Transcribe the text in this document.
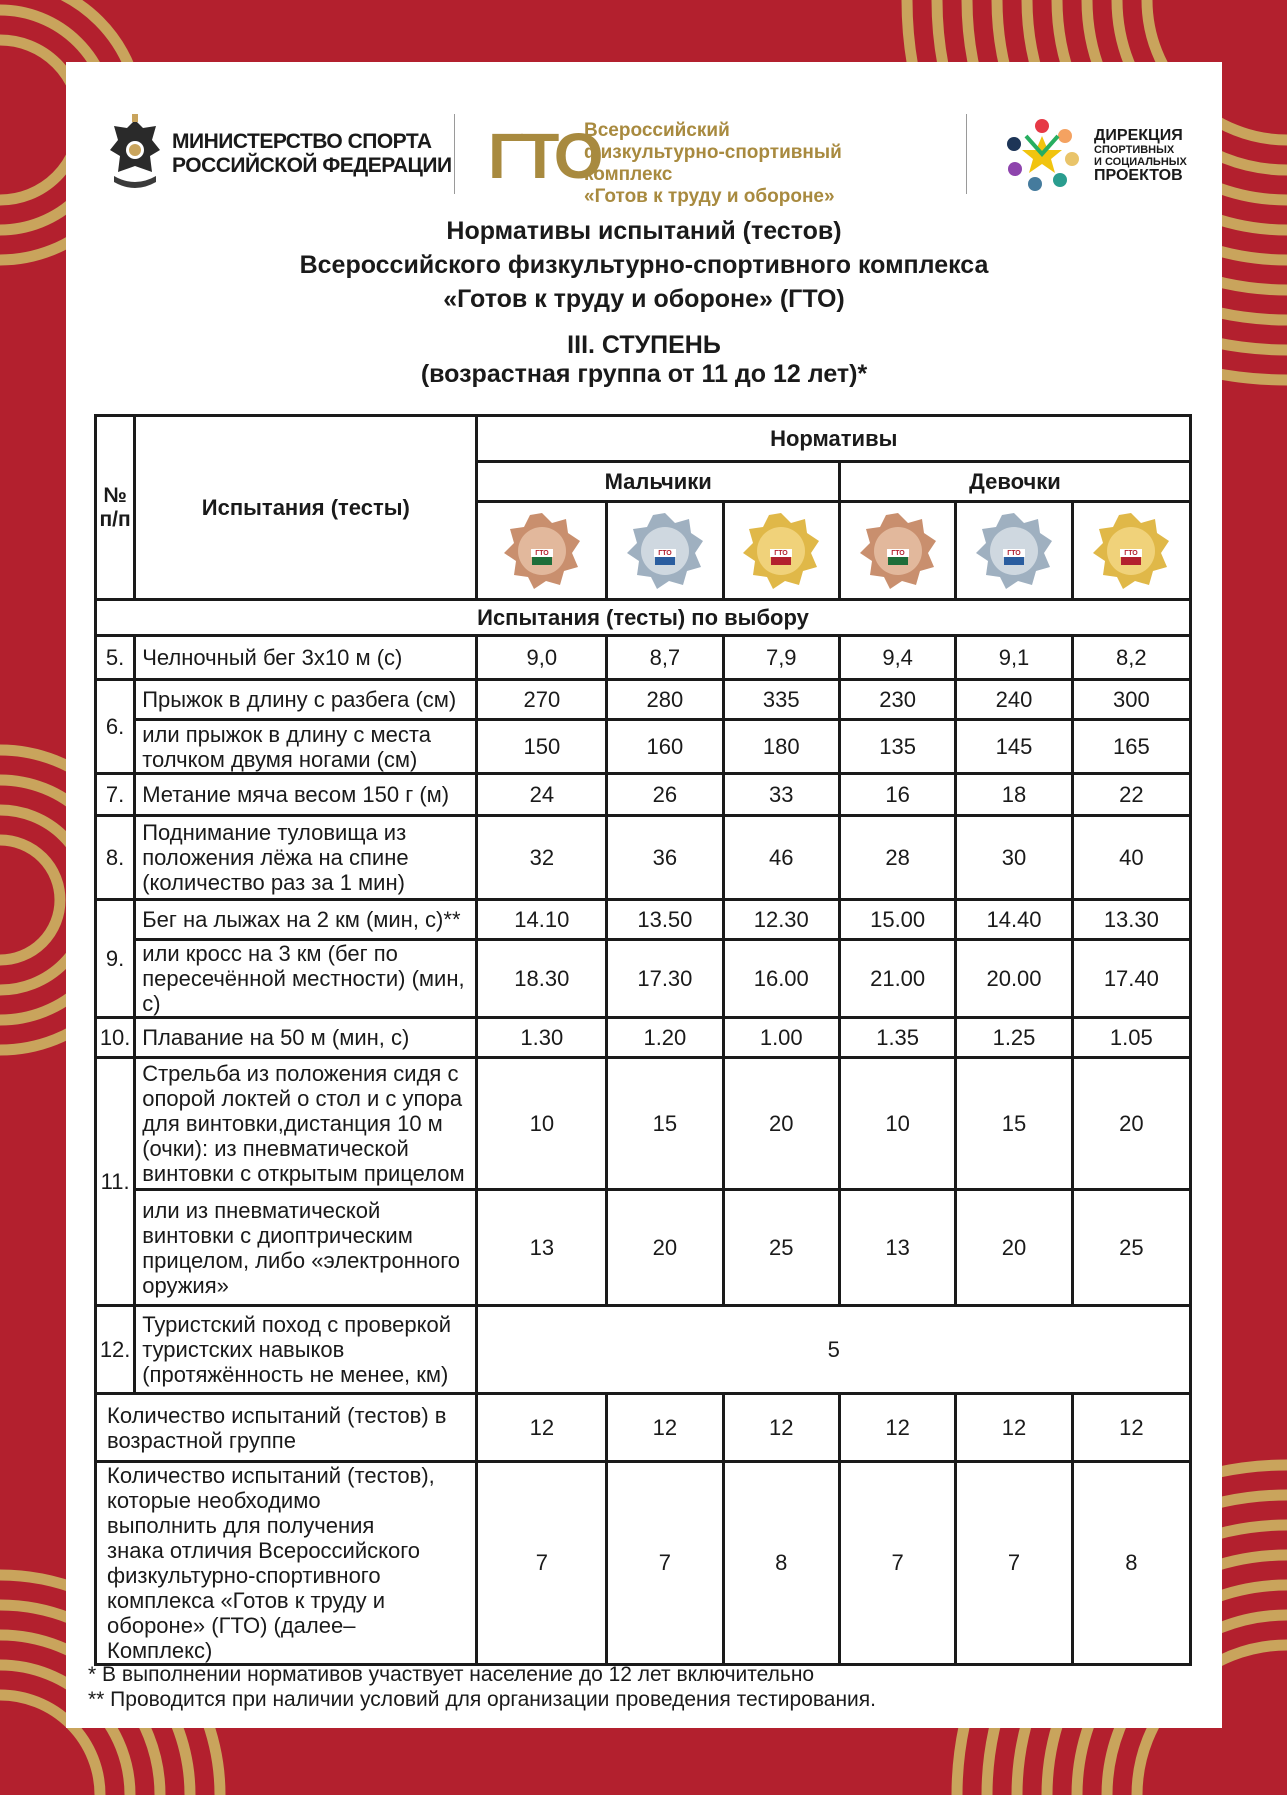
МИНИСТЕРСТВО СПОРТА
РОССИЙСКОЙ ФЕДЕРАЦИИ ГТО
Всероссийский
физкультурно-спортивный комплекс
«Готов к труду и обороне»
ДИРЕКЦИЯ
СПОРТИВНЫХ
И СОЦИАЛЬНЫХ
ПРОЕКТОВ
Нормативы испытаний (тестов)
Всероссийского физкультурно-спортивного комплекса
«Готов к труду и обороне» (ГТО)
III. СТУПЕНЬ
(возрастная группа от 11 до 12 лет)*
№ п/п	Испытания (тесты)	Нормативы					
		Мальчики			Девочки		

ГТО	ГТО	ГТО	ГТО	ГТО	ГТО

Испытания (тесты) по выбору							
5.	Челночный бег 3х10 м (с)	9,0	8,7	7,9	9,4	9,1	8,2
6.	Прыжок в длину с разбега (см)	270	280	335	230	240	300
	или прыжок в длину с места толчком двумя ногами (см)	150	160	180	135	145	165
7.	Метание мяча весом 150 г (м)	24	26	33	16	18	22
8.	Поднимание туловища из положения лёжа на спине (количество раз за 1 мин)	32	36	46	28	30	40
9.	Бег на лыжах на 2 км (мин, с)**	14.10	13.50	12.30	15.00	14.40	13.30
	или кросс на 3 км (бег по пересечённой местности) (мин, с)	18.30	17.30	16.00	21.00	20.00	17.40
10.	Плавание на 50 м (мин, с)	1.30	1.20	1.00	1.35	1.25	1.05
11.	Стрельба из положения сидя с опорой локтей о стол и с упора для винтовки,дистанция 10 м (очки): из пневматической винтовки с открытым прицелом	10	15	20	10	15	20
	или из пневматической винтовки с диоптрическим прицелом, либо «электронного оружия»	13	20	25	13	20	25
12.	Туристский поход с проверкой туристских навыков (протяжённость не менее, км)	5					
Количество испытаний (тестов) в возрастной группе		12	12	12	12	12	12
Количество испытаний (тестов), которые необходимо выполнить для получения знака отличия Всероссийского физкультурно-спортивного комплекса «Готов к труду и обороне» (ГТО) (далее–Комплекс)		7	7	8	7	7	8
* В выполнении нормативов участвует население до 12 лет включительно
** Проводится при наличии условий для организации проведения тестирования.
